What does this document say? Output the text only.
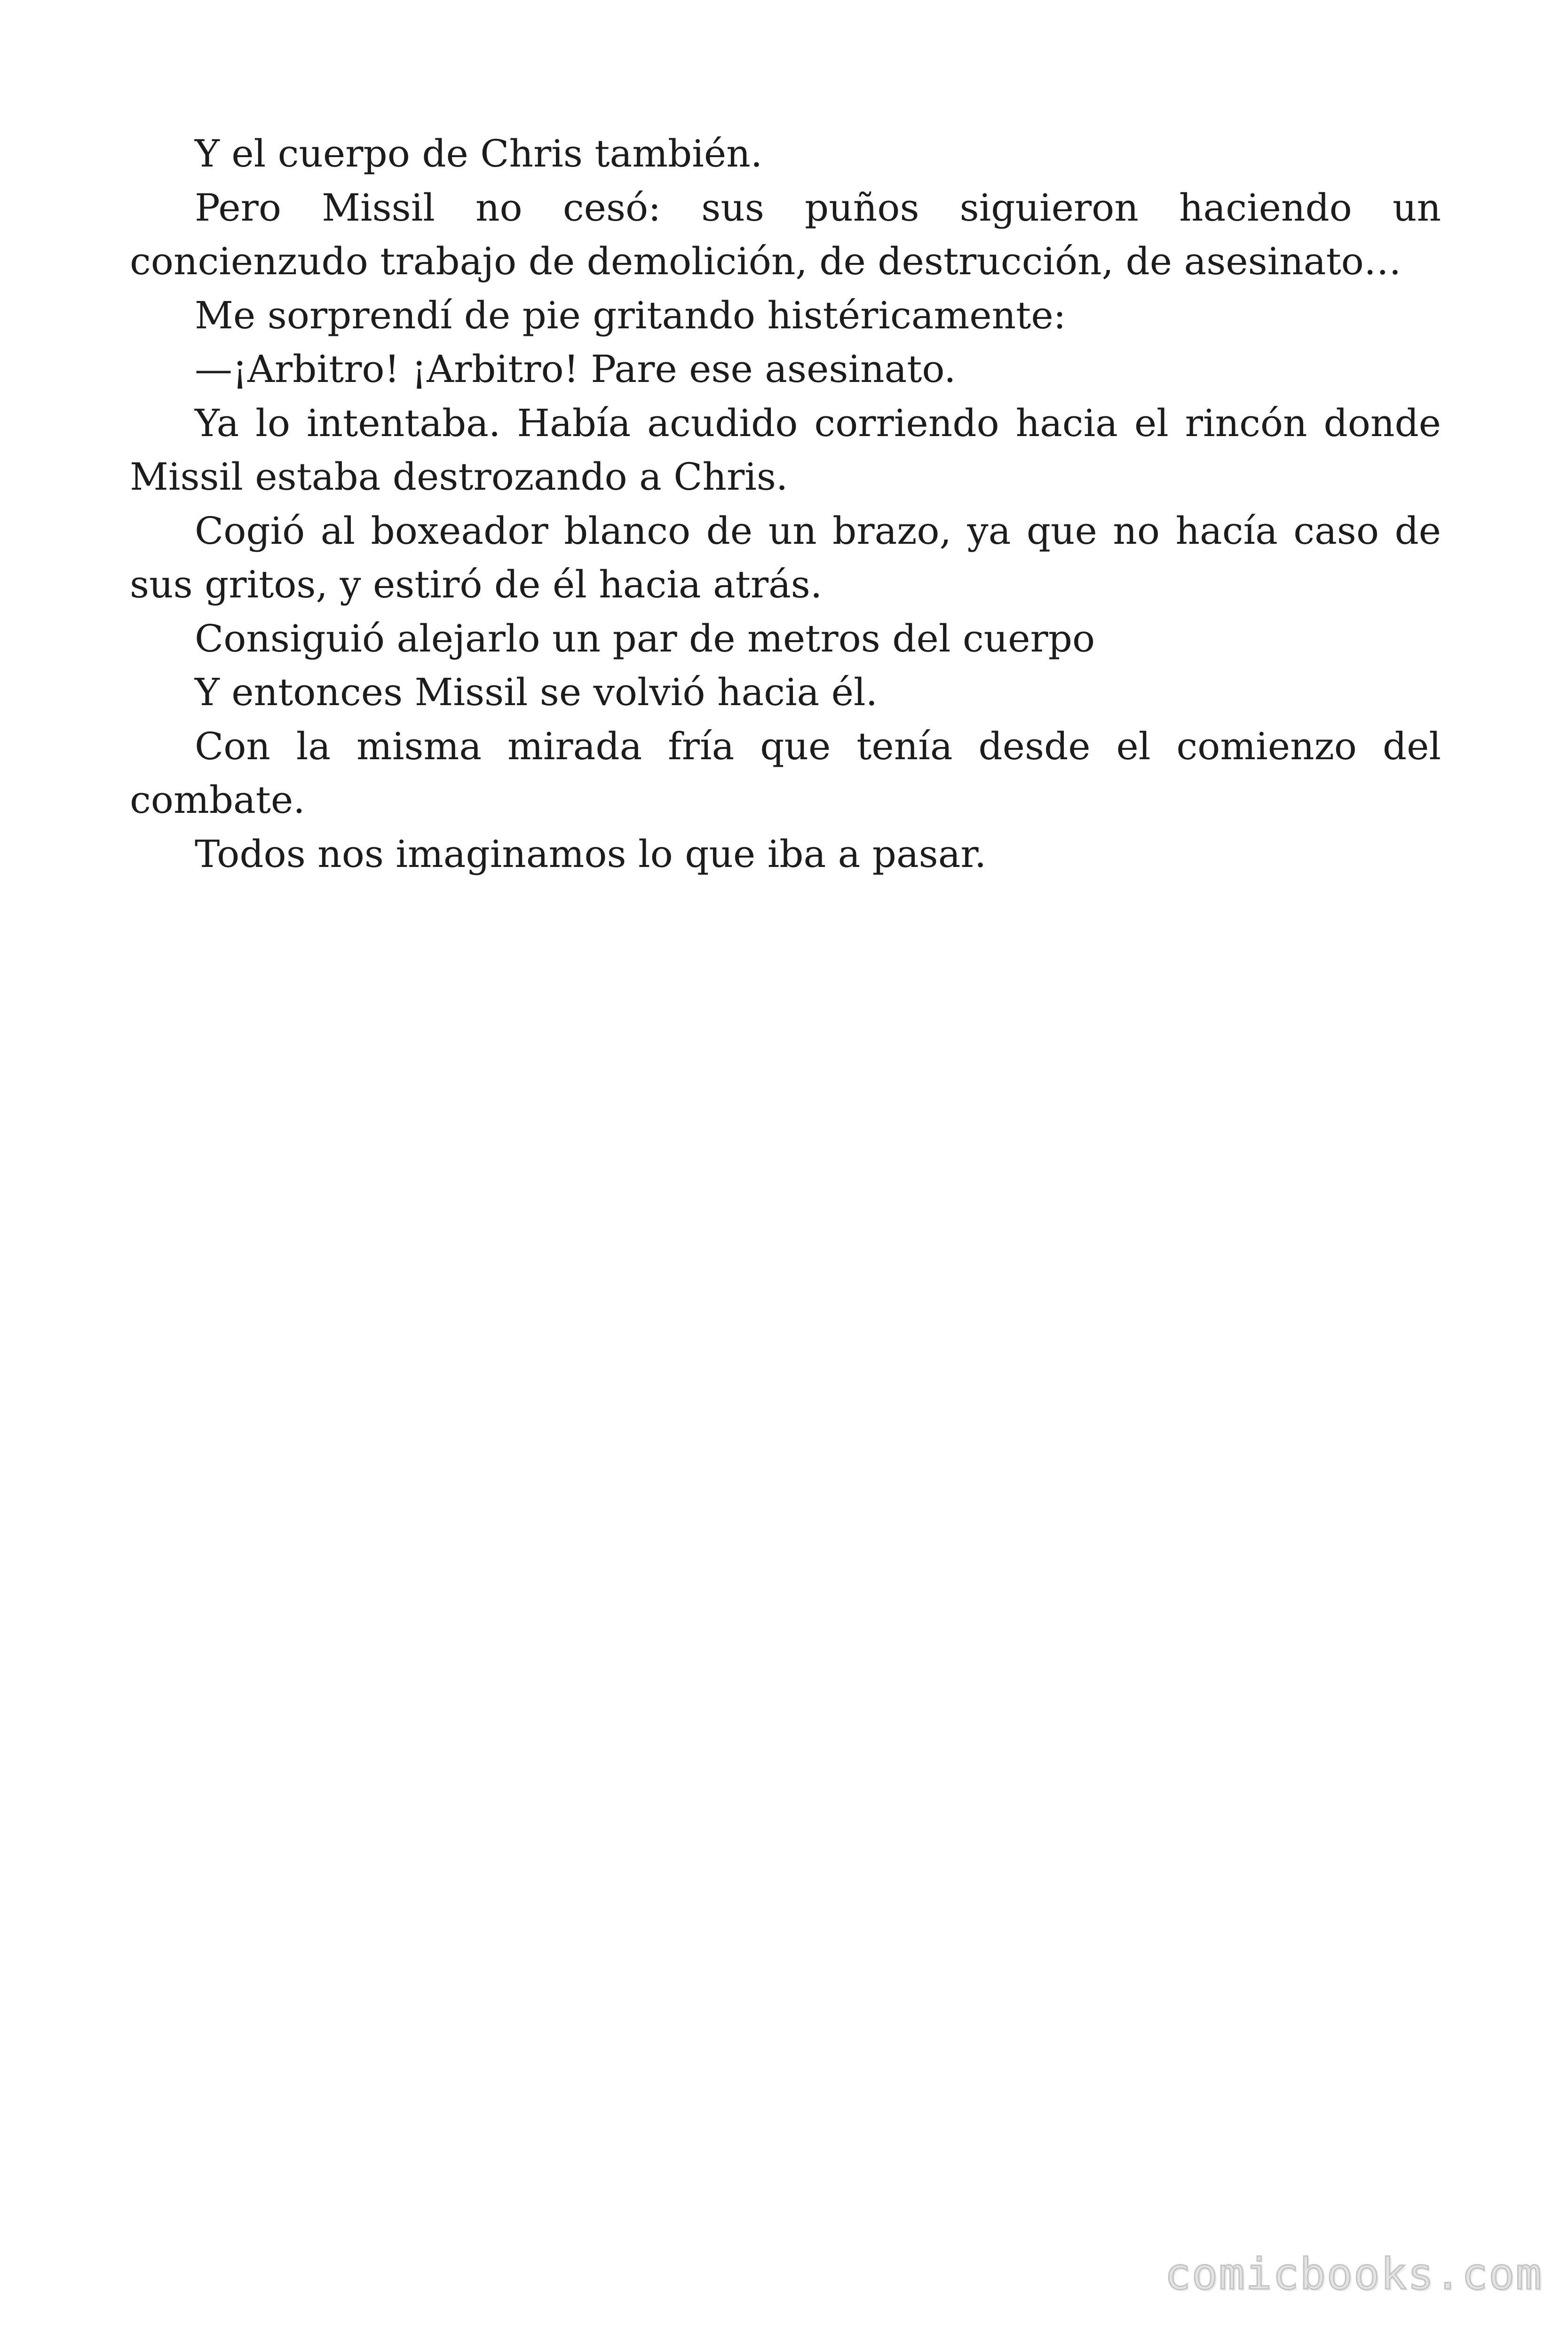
Y el cuerpo de Chris también.

Pero Missil no cesó: sus puños siguieron haciendo un concienzudo trabajo de demolición, de destrucción, de asesinato…

Me sorprendí de pie gritando histéricamente:

—¡Arbitro! ¡Arbitro! Pare ese asesinato.

Ya lo intentaba. Había acudido corriendo hacia el rincón donde Missil estaba destrozando a Chris.

Cogió al boxeador blanco de un brazo, ya que no hacía caso de sus gritos, y estiró de él hacia atrás.

Consiguió alejarlo un par de metros del cuerpo

Y entonces Missil se volvió hacia él.

Con la misma mirada fría que tenía desde el comienzo del combate.

Todos nos imaginamos lo que iba a pasar.

comicbooks.com
